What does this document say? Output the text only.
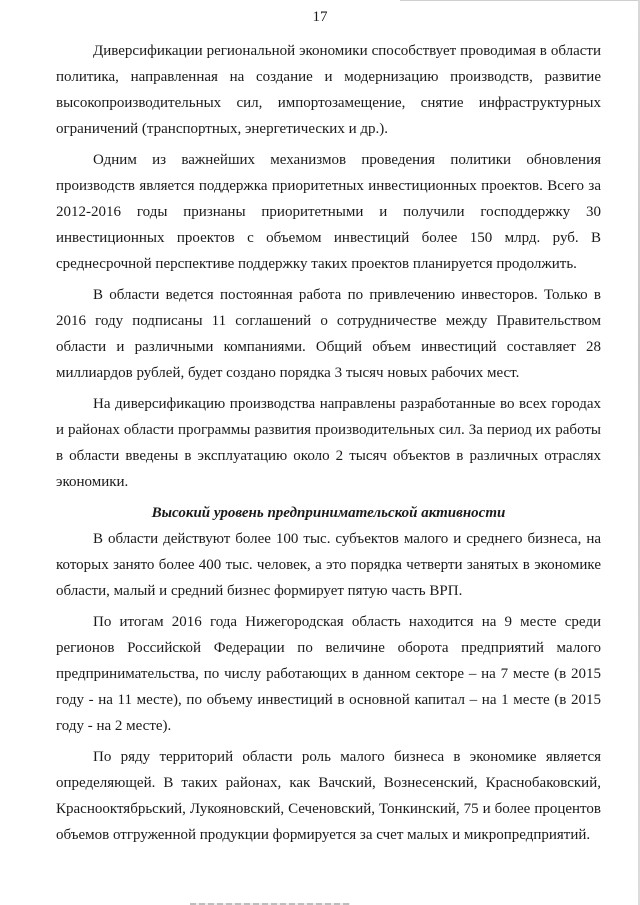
17

Диверсификации региональной экономики способствует проводимая в области политика, направленная на создание и модернизацию производств, развитие высокопроизводительных сил, импортозамещение, снятие инфраструктурных ограничений (транспортных, энергетических и др.).

Одним из важнейших механизмов проведения политики обновления производств является поддержка приоритетных инвестиционных проектов. Всего за 2012-2016 годы признаны приоритетными и получили господдержку 30 инвестиционных проектов с объемом инвестиций более 150 млрд. руб. В среднесрочной перспективе поддержку таких проектов планируется продолжить.

В области ведется постоянная работа по привлечению инвесторов. Только в 2016 году подписаны 11 соглашений о сотрудничестве между Правительством области и различными компаниями. Общий объем инвестиций составляет 28 миллиардов рублей, будет создано порядка 3 тысяч новых рабочих мест.

На диверсификацию производства направлены разработанные во всех городах и районах области программы развития производительных сил. За период их работы в области введены в эксплуатацию около 2 тысяч объектов в различных отраслях экономики.

Высокий уровень предпринимательской активности

В области действуют более 100 тыс. субъектов малого и среднего бизнеса, на которых занято более 400 тыс. человек, а это порядка четверти занятых в экономике области, малый и средний бизнес формирует пятую часть ВРП.

По итогам 2016 года Нижегородская область находится на 9 месте среди регионов Российской Федерации по величине оборота предприятий малого предпринимательства, по числу работающих в данном секторе – на 7 месте (в 2015 году - на 11 месте), по объему инвестиций в основной капитал – на 1 месте (в 2015 году - на 2 месте).

По ряду территорий области роль малого бизнеса в экономике является определяющей. В таких районах, как Вачский, Вознесенский, Краснобаковский, Краснооктябрьский, Лукояновский, Сеченовский, Тонкинский, 75 и более процентов объемов отгруженной продукции формируется за счет малых и микропредприятий.
